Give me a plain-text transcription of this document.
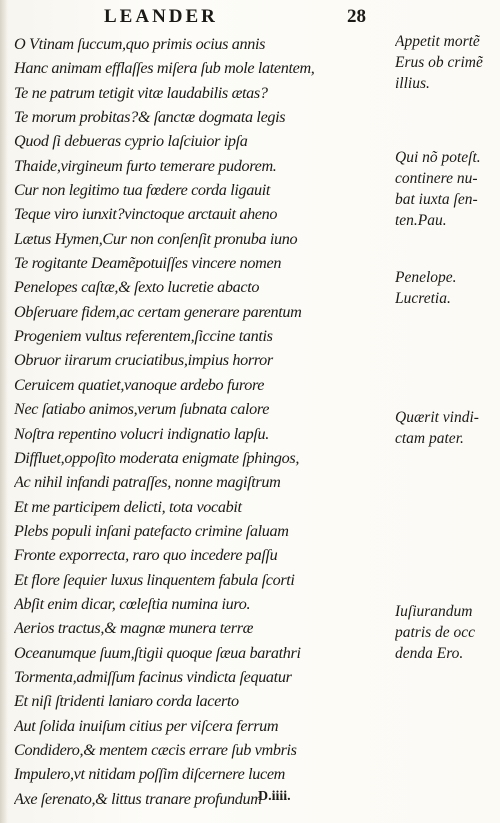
LEANDER	28
O Vtinam ſuccum,quo primis ocius annis
Hanc animam efflaſſes miſera ſub mole latentem,
Te ne patrum tetigit vitæ laudabilis ætas?
Te morum probitas?& ſanctæ dogmata legis
Quod ſi debueras cyprio laſciuior ipſa
Thaide,virgineum furto temerare pudorem.
Cur non legitimo tua fœdere corda ligauit
Teque viro iunxit?vinctoque arctauit aheno
Lætus Hymen,Cur non conſenſit pronuba iuno
Te rogitante Deamẽpotuiſſes vincere nomen
Penelopes caſtæ,& ſexto lucretie abacto
Obſeruare fidem,ac certam generare parentum
Progeniem vultus referentem,ſiccine tantis
Obruor iirarum cruciatibus,impius horror
Ceruicem quatiet,vanoque ardebo furore
Nec ſatiabo animos,verum ſubnata calore
Noſtra repentino volucri indignatio lapſu.
Diffluet,oppoſito moderata enigmate ſphingos,
Ac nihil infandi patraſſes, nonne magiſtrum
Et me participem delicti, tota vocabit
Plebs populi inſani patefacto crimine ſaluam
Fronte exporrecta, raro quo incedere paſſu
Et flore ſequier luxus linquentem fabula ſcorti
Abſit enim dicar, cœleſtia numina iuro.
Aerios tractus,& magnæ munera terræ
Oceanumque ſuum,ſtigii quoque ſæua barathri
Tormenta,admiſſum facinus vindicta ſequatur
Et niſi ſtridenti laniaro corda lacerto
Aut ſolida inuiſum citius per viſcera ferrum
Condidero,& mentem cæcis errare ſub vmbris
Impulero,vt nitidam poſſim diſcernere lucem
Axe ſerenato,& littus tranare profundum
Appetit mortẽ
Erus ob crimẽ
illius.
Qui nõ poteſt.
continere nu-
bat iuxta ſen-
ten.Pau.
Penelope.
Lucretia.
Quærit vindi-
ctam pater.
Iuſiurandum
patris de occ
denda Ero.
D.iiii.
